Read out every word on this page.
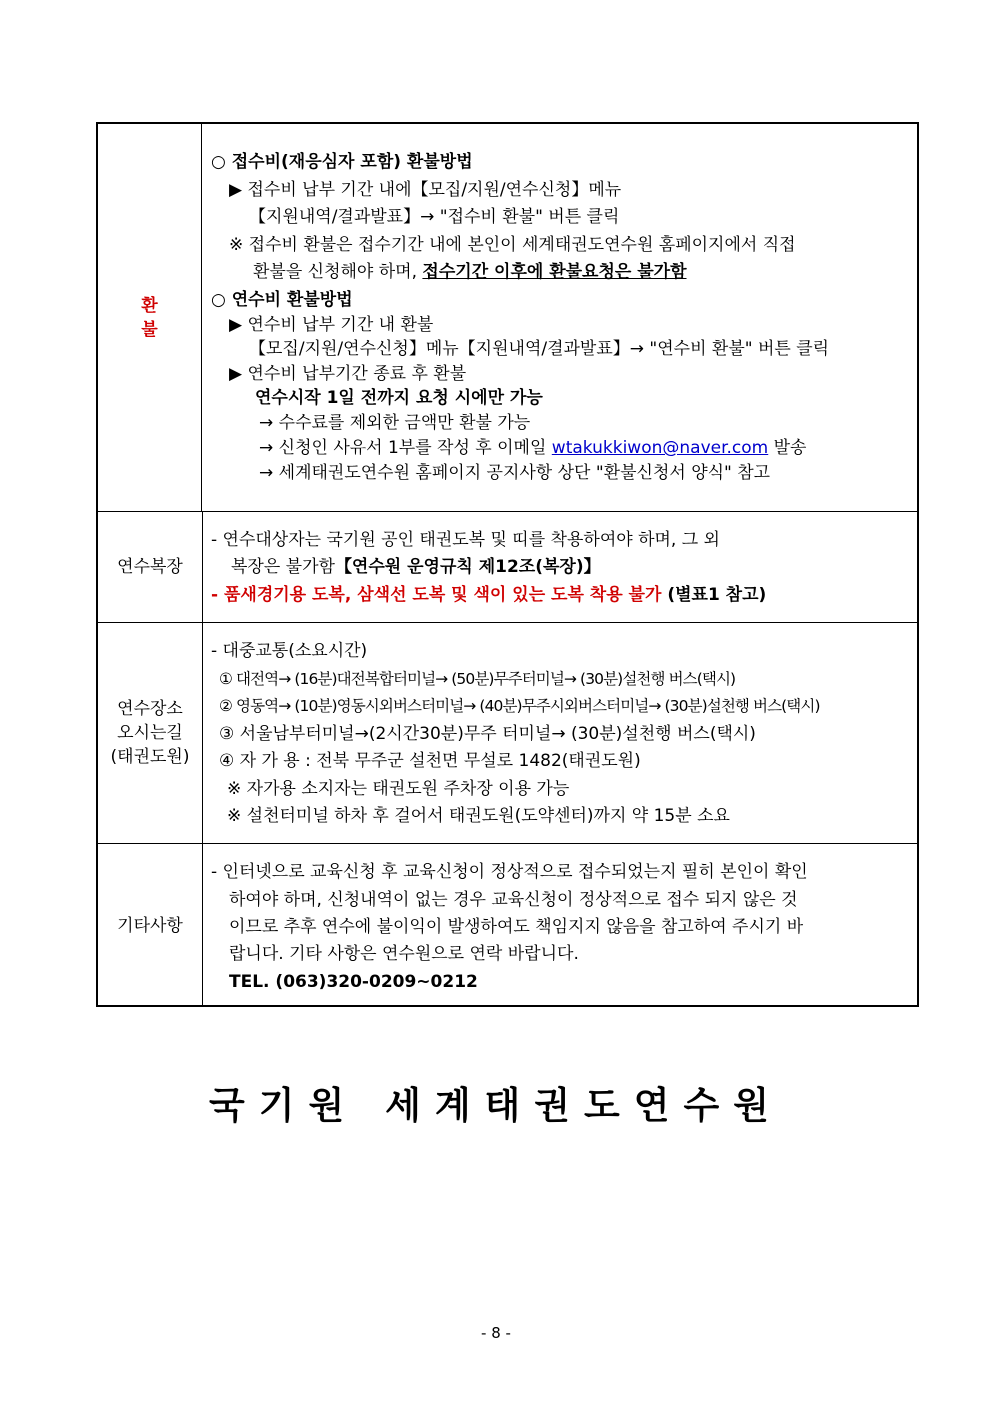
환 불
○ 접수비(재응심자 포함) 환불방법
▶ 접수비 납부 기간 내에【모집/지원/연수신청】메뉴
【지원내역/결과발표】→ "접수비 환불" 버튼 클릭
※ 접수비 환불은 접수기간 내에 본인이 세계태권도연수원 홈페이지에서 직접
환불을 신청해야 하며, 접수기간 이후에 환불요청은 불가함
○ 연수비 환불방법
▶ 연수비 납부 기간 내 환불
【모집/지원/연수신청】메뉴【지원내역/결과발표】→ "연수비 환불" 버튼 클릭
▶ 연수비 납부기간 종료 후 환불
연수시작 1일 전까지 요청 시에만 가능
→ 수수료를 제외한 금액만 환불 가능
→ 신청인 사유서 1부를 작성 후 이메일 wtakukkiwon@naver.com 발송
→ 세계태권도연수원 홈페이지 공지사항 상단 "환불신청서 양식" 참고
연수복장
- 연수대상자는 국기원 공인 태권도복 및 띠를 착용하여야 하며, 그 외
복장은 불가함【연수원 운영규칙 제12조(복장)】
- 품새경기용 도복, 삼색선 도복 및 색이 있는 도복 착용 불가 (별표1 참고)
연수장소
오시는길
(태권도원)
- 대중교통(소요시간)
① 대전역→ (16분)대전복합터미널→ (50분)무주터미널→ (30분)설천행 버스(택시)
② 영동역→ (10분)영동시외버스터미널→ (40분)무주시외버스터미널→ (30분)설천행 버스(택시)
③ 서울남부터미널→(2시간30분)무주 터미널→ (30분)설천행 버스(택시)
④ 자 가 용 : 전북 무주군 설천면 무설로 1482(태권도원)
※ 자가용 소지자는 태권도원 주차장 이용 가능
※ 설천터미널 하차 후 걸어서 태권도원(도약센터)까지 약 15분 소요
기타사항
- 인터넷으로 교육신청 후 교육신청이 정상적으로 접수되었는지 필히 본인이 확인
하여야 하며, 신청내역이 없는 경우 교육신청이 정상적으로 접수 되지 않은 것
이므로 추후 연수에 불이익이 발생하여도 책임지지 않음을 참고하여 주시기 바
랍니다. 기타 사항은 연수원으로 연락 바랍니다.
TEL. (063)320-0209~0212
국기원 세계태권도연수원
- 8 -
